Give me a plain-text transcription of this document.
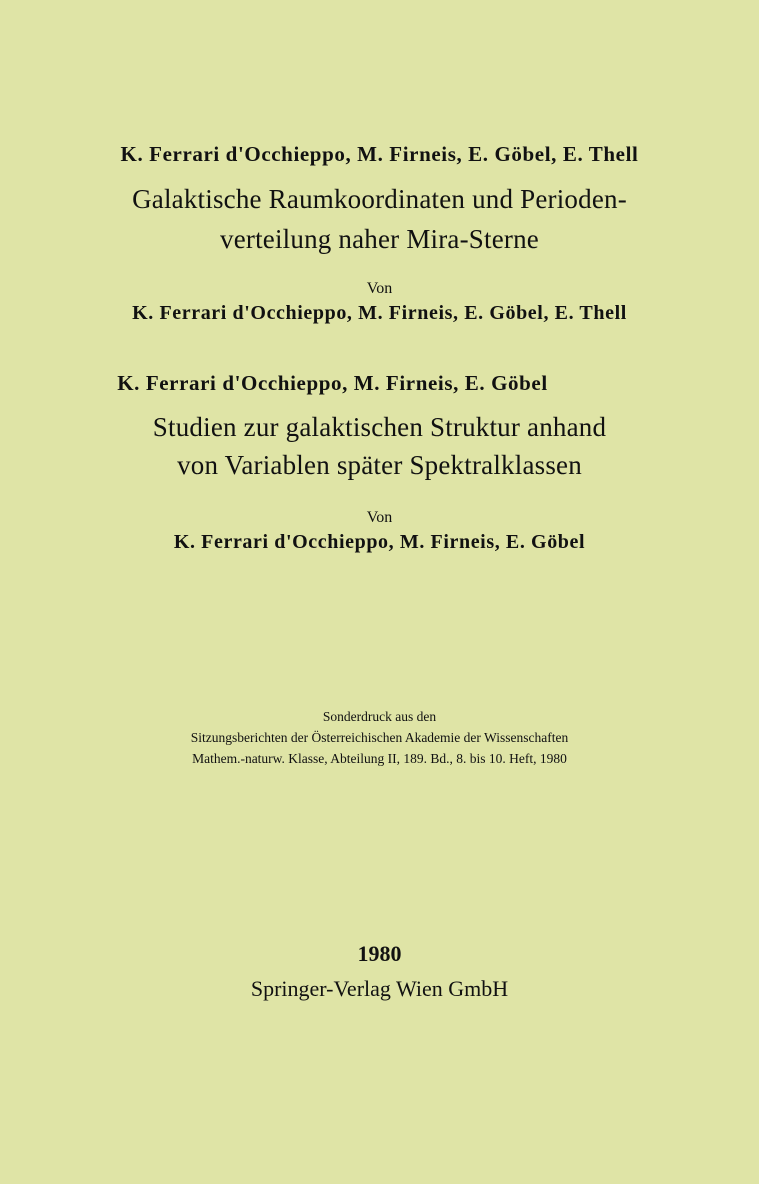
K. Ferrari d'Occhieppo, M. Firneis, E. Göbel, E. Thell
Galaktische Raumkoordinaten und Perioden-
verteilung naher Mira-Sterne
Von
K. Ferrari d'Occhieppo, M. Firneis, E. Göbel, E. Thell
K. Ferrari d'Occhieppo, M. Firneis, E. Göbel
Studien zur galaktischen Struktur anhand
von Variablen später Spektralklassen
Von
K. Ferrari d'Occhieppo, M. Firneis, E. Göbel
Sonderdruck aus den
Sitzungsberichten der Österreichischen Akademie der Wissenschaften
Mathem.-naturw. Klasse, Abteilung II, 189. Bd., 8. bis 10. Heft, 1980
1980
Springer-Verlag Wien GmbH
